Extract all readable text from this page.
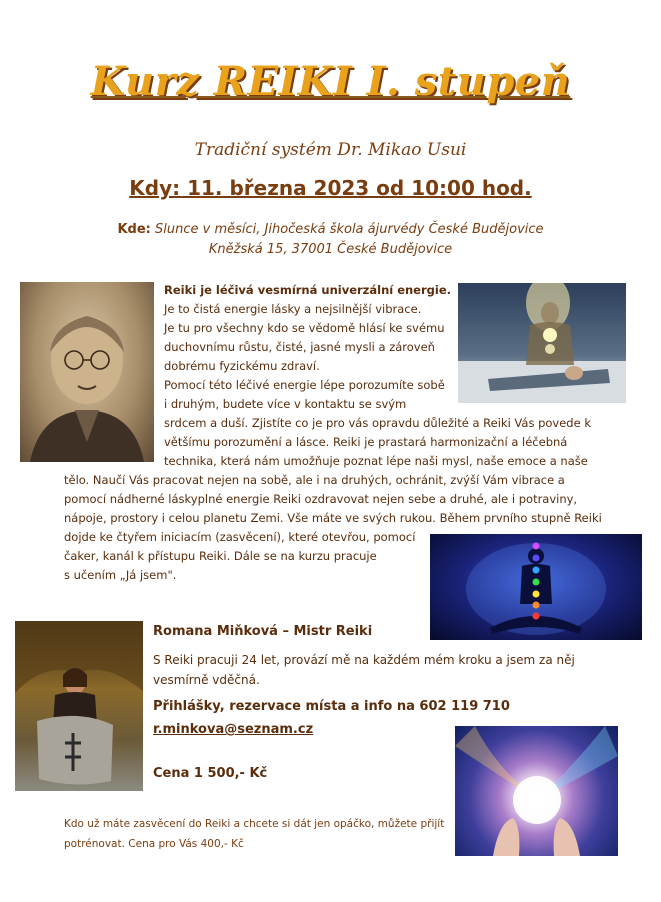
Kurz REIKI I. stupeň
Tradiční systém Dr. Mikao Usui
Kdy: 11. března 2023 od 10:00 hod.
Kde: Slunce v měsíci, Jihočeská škola ájurvédy České Budějovice
Kněžská 15, 37001 České Budějovice
Reiki je léčivá vesmírná univerzální energie.
Je to čistá energie lásky a nejsilnější vibrace.
Je tu pro všechny kdo se vědomě hlásí ke svému
duchovnímu růstu, čisté, jasné mysli a zároveň
dobrému fyzickému zdraví.
Pomocí této léčivé energie lépe porozumíte sobě
i druhým, budete více v kontaktu se svým
srdcem a duší. Zjistíte co je pro vás opravdu důležité a Reiki Vás povede k
většímu porozumění a lásce. Reiki je prastará harmonizační a léčebná
technika, která nám umožňuje poznat lépe naši mysl, naše emoce a naše
tělo. Naučí Vás pracovat nejen na sobě, ale i na druhých, ochránit, zvýší Vám vibrace a
pomocí nádherné láskyplné energie Reiki ozdravovat nejen sebe a druhé, ale i potraviny,
nápoje, prostory i celou planetu Zemi. Vše máte ve svých rukou. Během prvního stupně Reiki
dojde ke čtyřem iniciacím (zasvěcení), které otevřou, pomocí
čaker, kanál k přístupu Reiki. Dále se na kurzu pracuje
s učením „Já jsem".
Romana Miňková – Mistr Reiki
S Reiki pracuji 24 let, provází mě na každém mém kroku a jsem za něj
vesmírně vděčná.
Přihlášky, rezervace místa a info na 602 119 710
r.minkova@seznam.cz
Cena 1 500,- Kč
Kdo už máte zasvěcení do Reiki a chcete si dát jen opáčko, můžete přijít
potrénovat. Cena pro Vás 400,- Kč
